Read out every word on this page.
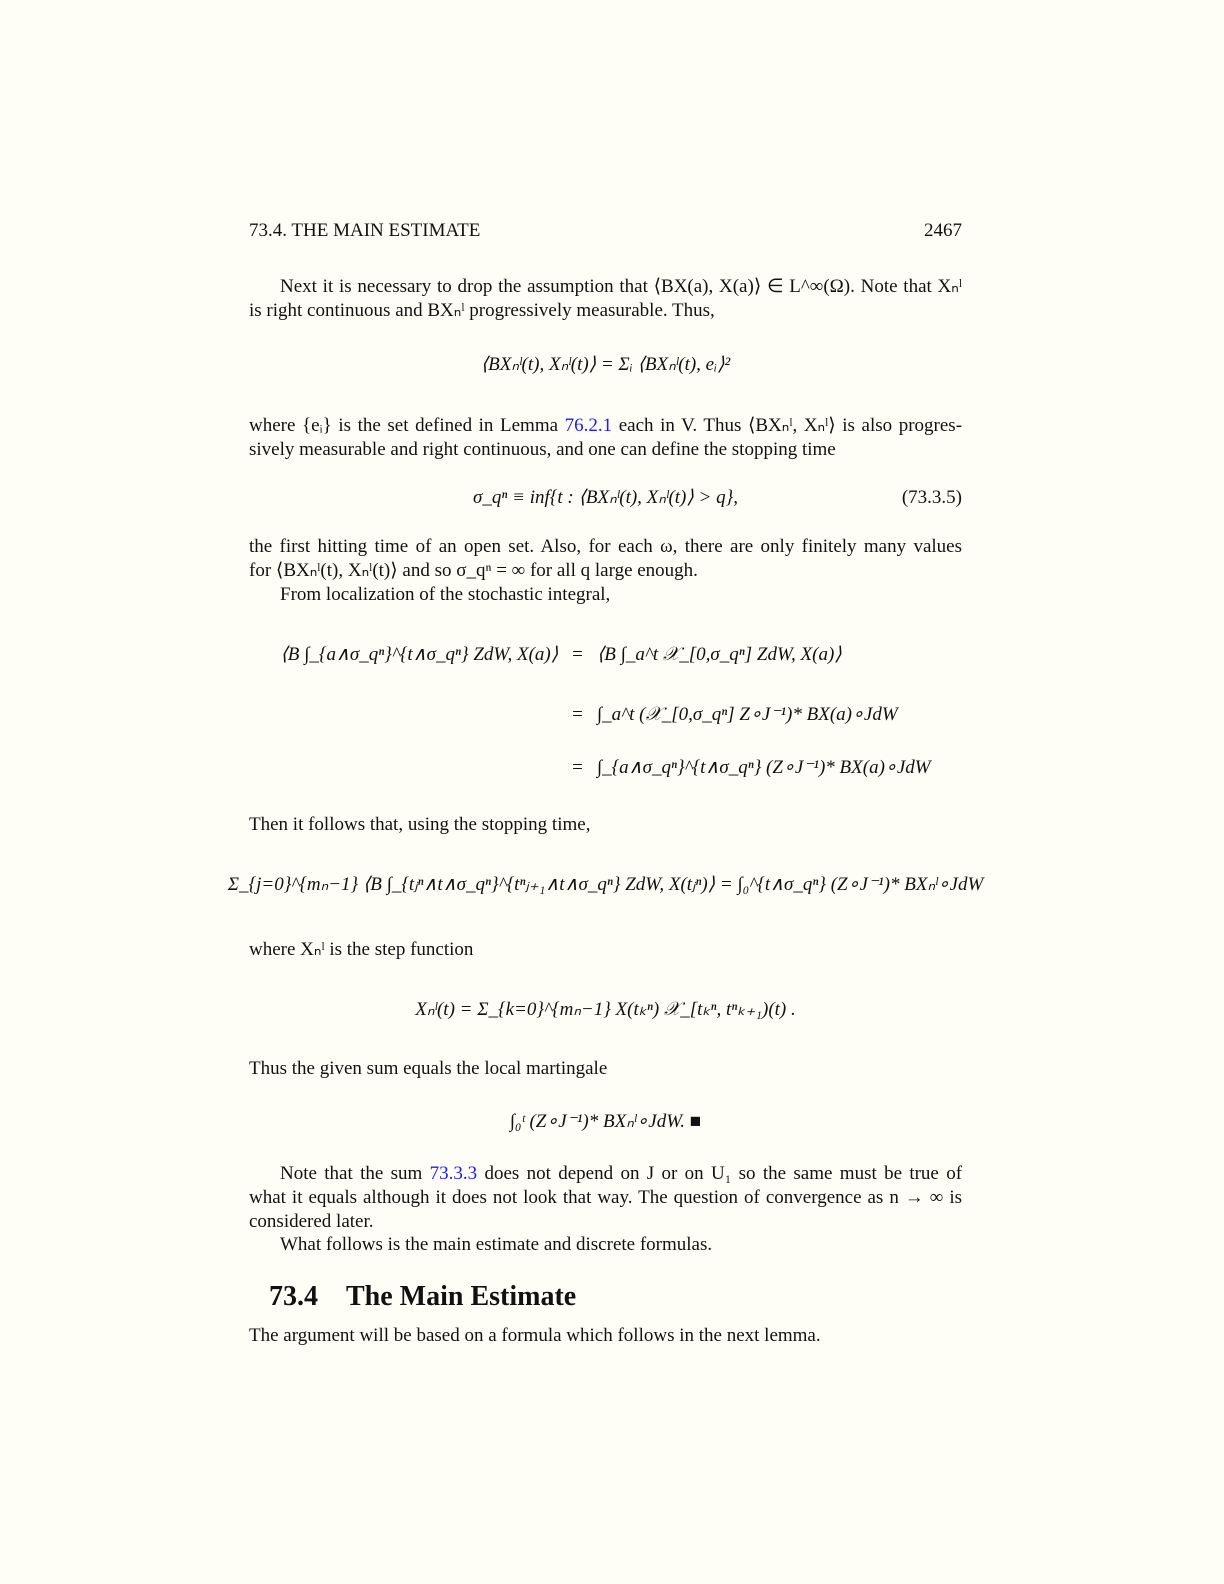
73.4. THE MAIN ESTIMATE	2467
Next it is necessary to drop the assumption that ⟨BX(a), X(a)⟩ ∈ L^∞(Ω). Note that Xₙˡ
is right continuous and BXₙˡ progressively measurable. Thus,
⟨BXₙˡ(t), Xₙˡ(t)⟩ = Σᵢ ⟨BXₙˡ(t), eᵢ⟩²
where {eᵢ} is the set defined in Lemma 76.2.1 each in V. Thus ⟨BXₙˡ, Xₙˡ⟩ is also progres-
sively measurable and right continuous, and one can define the stopping time
σ_qⁿ ≡ inf{t : ⟨BXₙˡ(t), Xₙˡ(t)⟩ > q},	(73.3.5)
the first hitting time of an open set. Also, for each ω, there are only finitely many values
for ⟨BXₙˡ(t), Xₙˡ(t)⟩ and so σ_qⁿ = ∞ for all q large enough.
From localization of the stochastic integral,
⟨B ∫_{a∧σ_qⁿ}^{t∧σ_qⁿ} ZdW, X(a)⟩ = ⟨B ∫_a^t 𝒳_[0,σ_qⁿ] ZdW, X(a)⟩
= ∫_a^t (𝒳_[0,σ_qⁿ] Z∘J⁻¹)* BX(a)∘JdW
= ∫_{a∧σ_qⁿ}^{t∧σ_qⁿ} (Z∘J⁻¹)* BX(a)∘JdW
Then it follows that, using the stopping time,
Σ_{j=0}^{mₙ−1} ⟨B ∫_{tⱼⁿ∧t∧σ_qⁿ}^{tⁿⱼ₊₁∧t∧σ_qⁿ} ZdW, X(tⱼⁿ)⟩ = ∫₀^{t∧σ_qⁿ} (Z∘J⁻¹)* BXₙˡ∘JdW
where Xₙˡ is the step function
Xₙˡ(t) = Σ_{k=0}^{mₙ−1} X(tₖⁿ) 𝒳_[tₖⁿ, tⁿₖ₊₁)(t) .
Thus the given sum equals the local martingale
∫₀ᵗ (Z∘J⁻¹)* BXₙˡ∘JdW. ■
Note that the sum 73.3.3 does not depend on J or on U₁ so the same must be true of
what it equals although it does not look that way. The question of convergence as n → ∞ is
considered later.
What follows is the main estimate and discrete formulas.
73.4 The Main Estimate
The argument will be based on a formula which follows in the next lemma.
